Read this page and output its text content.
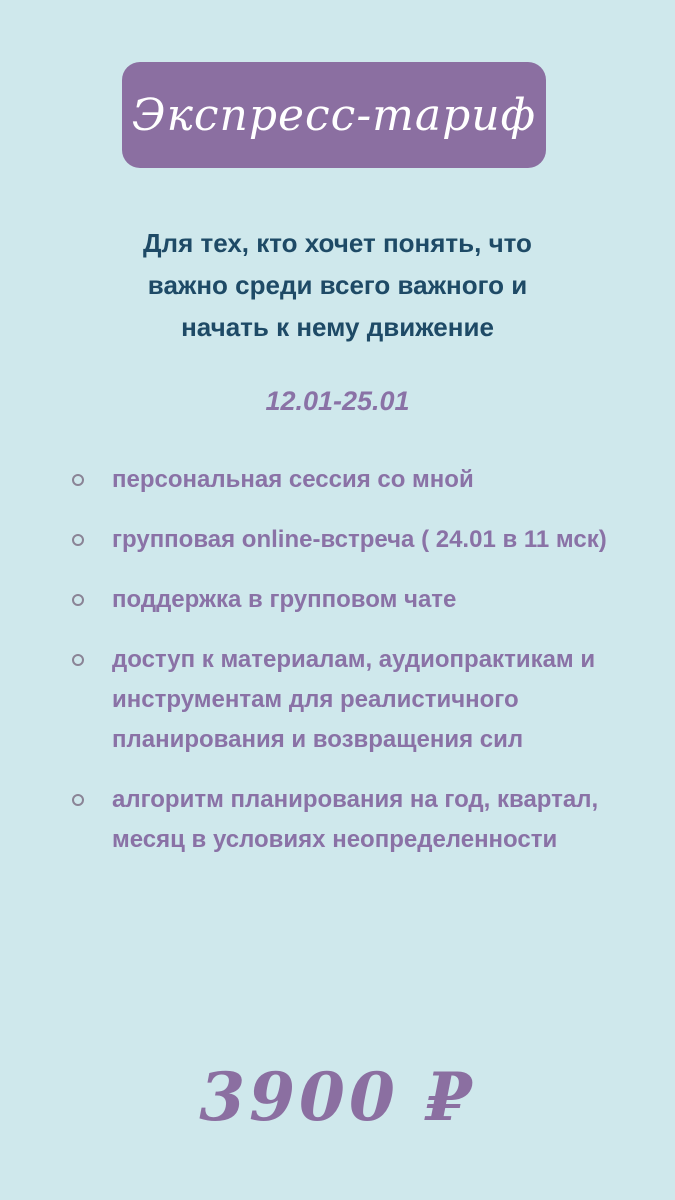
Экспресс-тариф
Для тех, кто хочет понять, что
важно среди всего важного и
начать к нему движение
12.01-25.01
персональная сессия со мной
групповая online-встреча ( 24.01 в 11 мск)
поддержка в групповом чате
доступ к материалам, аудиопрактикам и инструментам для реалистичного планирования и возвращения сил
алгоритм планирования на год, квартал, месяц в условиях неопределенности
3900 ₽
